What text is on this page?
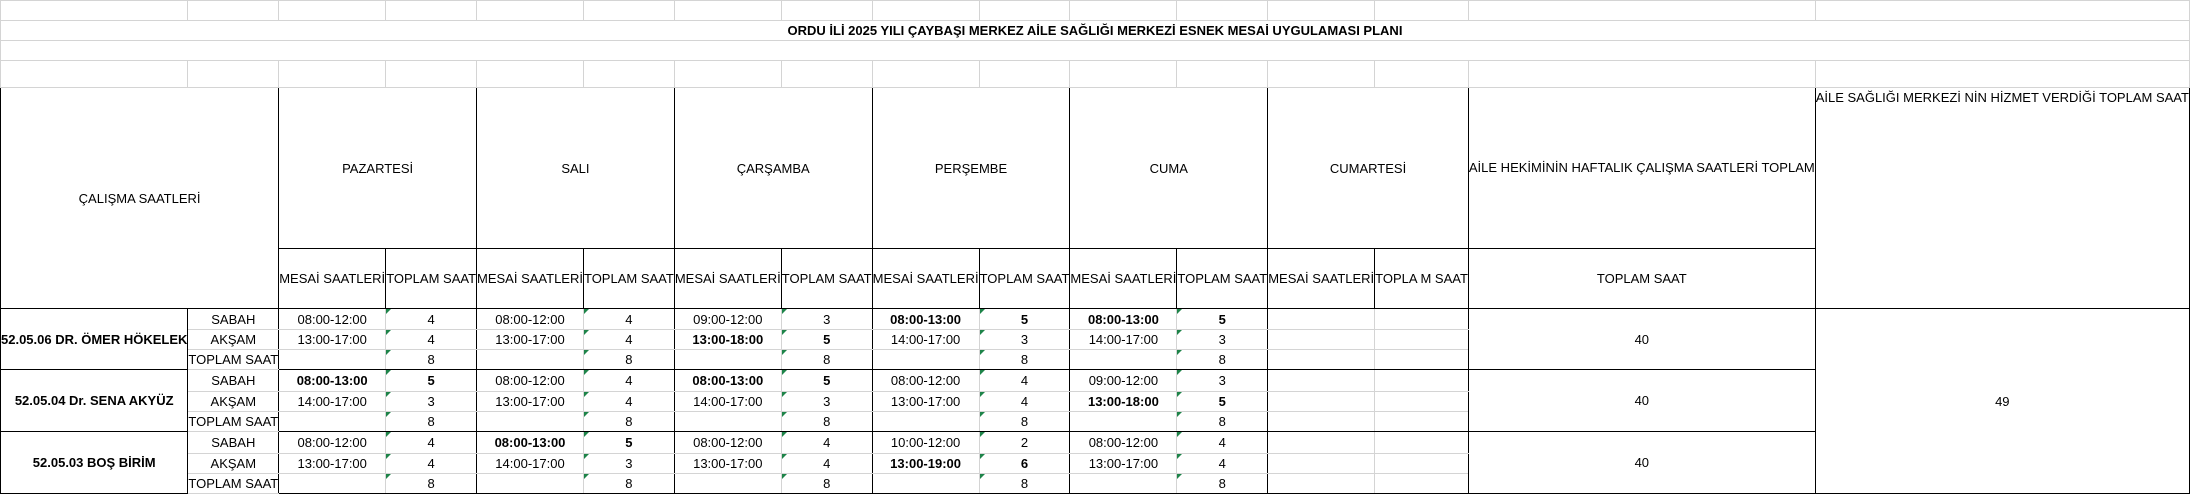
ORDU İLİ 2025 YILI ÇAYBAŞI MERKEZ AİLE SAĞLIĞI MERKEZİ ESNEK MESAİ UYGULAMASI PLANI															

ÇALIŞMA SAATLERİ		PAZARTESİ		SALI		ÇARŞAMBA		PERŞEMBE		CUMA		CUMARTESİ		AİLE HEKİMİNİN HAFTALIK ÇALIŞMA SAATLERİ TOPLAM	AİLE SAĞLIĞI MERKEZİ NİN HİZMET VERDİĞİ TOPLAM SAAT
		MESAİ SAATLERİ	TOPLAM SAAT	MESAİ SAATLERİ	TOPLAM SAAT	MESAİ SAATLERİ	TOPLAM SAAT	MESAİ SAATLERİ	TOPLAM SAAT	MESAİ SAATLERİ	TOPLAM SAAT	MESAİ SAATLERİ	TOPLA M SAAT	TOPLAM SAAT	
52.05.06 DR. ÖMER HÖKELEK	SABAH	08:00-12:00	4	08:00-12:00	4	09:00-12:00	3	08:00-13:00	5	08:00-13:00	5			40	49
	AKŞAM	13:00-17:00	4	13:00-17:00	4	13:00-18:00	5	14:00-17:00	3	14:00-17:00	3				
	TOPLAM SAAT		8		8		8		8		8				
52.05.04 Dr. SENA AKYÜZ	SABAH	08:00-13:00	5	08:00-12:00	4	08:00-13:00	5	08:00-12:00	4	09:00-12:00	3			40	
	AKŞAM	14:00-17:00	3	13:00-17:00	4	14:00-17:00	3	13:00-17:00	4	13:00-18:00	5				
	TOPLAM SAAT		8		8		8		8		8				
52.05.03 BOŞ BİRİM	SABAH	08:00-12:00	4	08:00-13:00	5	08:00-12:00	4	10:00-12:00	2	08:00-12:00	4			40	
	AKŞAM	13:00-17:00	4	14:00-17:00	3	13:00-17:00	4	13:00-19:00	6	13:00-17:00	4				
	TOPLAM SAAT		8		8		8		8		8				
